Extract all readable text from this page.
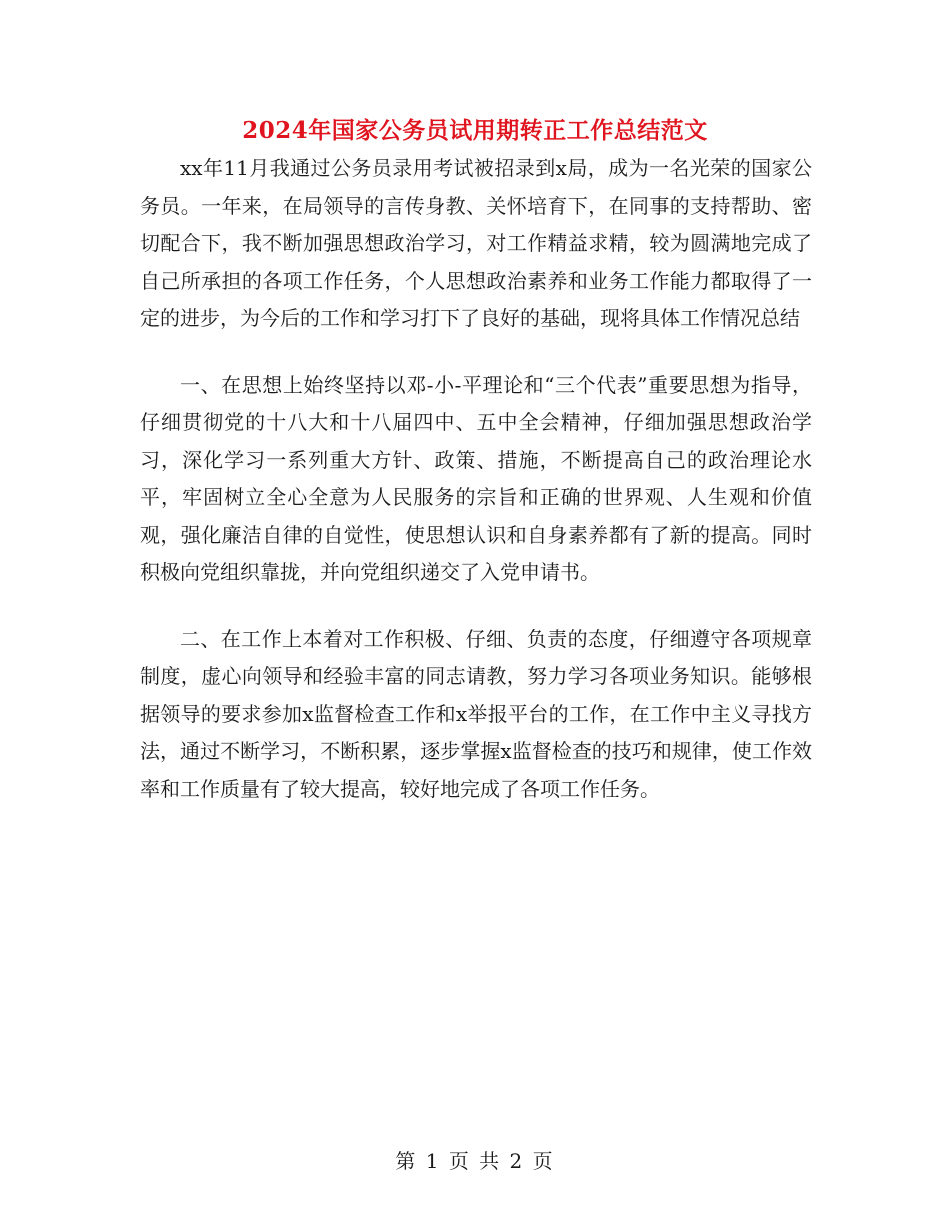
2024年国家公务员试用期转正工作总结范文

xx年11月我通过公务员录用考试被招录到x局，成为一名光荣的国家公务员。一年来，在局领导的言传身教、关怀培育下，在同事的支持帮助、密切配合下，我不断加强思想政治学习，对工作精益求精，较为圆满地完成了自己所承担的各项工作任务，个人思想政治素养和业务工作能力都取得了一定的进步，为今后的工作和学习打下了良好的基础，现将具体工作情况总结

一、在思想上始终坚持以邓-小-平理论和“三个代表”重要思想为指导，仔细贯彻党的十八大和十八届四中、五中全会精神，仔细加强思想政治学习，深化学习一系列重大方针、政策、措施，不断提高自己的政治理论水平，牢固树立全心全意为人民服务的宗旨和正确的世界观、人生观和价值观，强化廉洁自律的自觉性，使思想认识和自身素养都有了新的提高。同时积极向党组织靠拢，并向党组织递交了入党申请书。

二、在工作上本着对工作积极、仔细、负责的态度，仔细遵守各项规章制度，虚心向领导和经验丰富的同志请教，努力学习各项业务知识。能够根据领导的要求参加x监督检查工作和x举报平台的工作，在工作中主义寻找方法，通过不断学习，不断积累，逐步掌握x监督检查的技巧和规律，使工作效率和工作质量有了较大提高，较好地完成了各项工作任务。

第 1 页 共 2 页
